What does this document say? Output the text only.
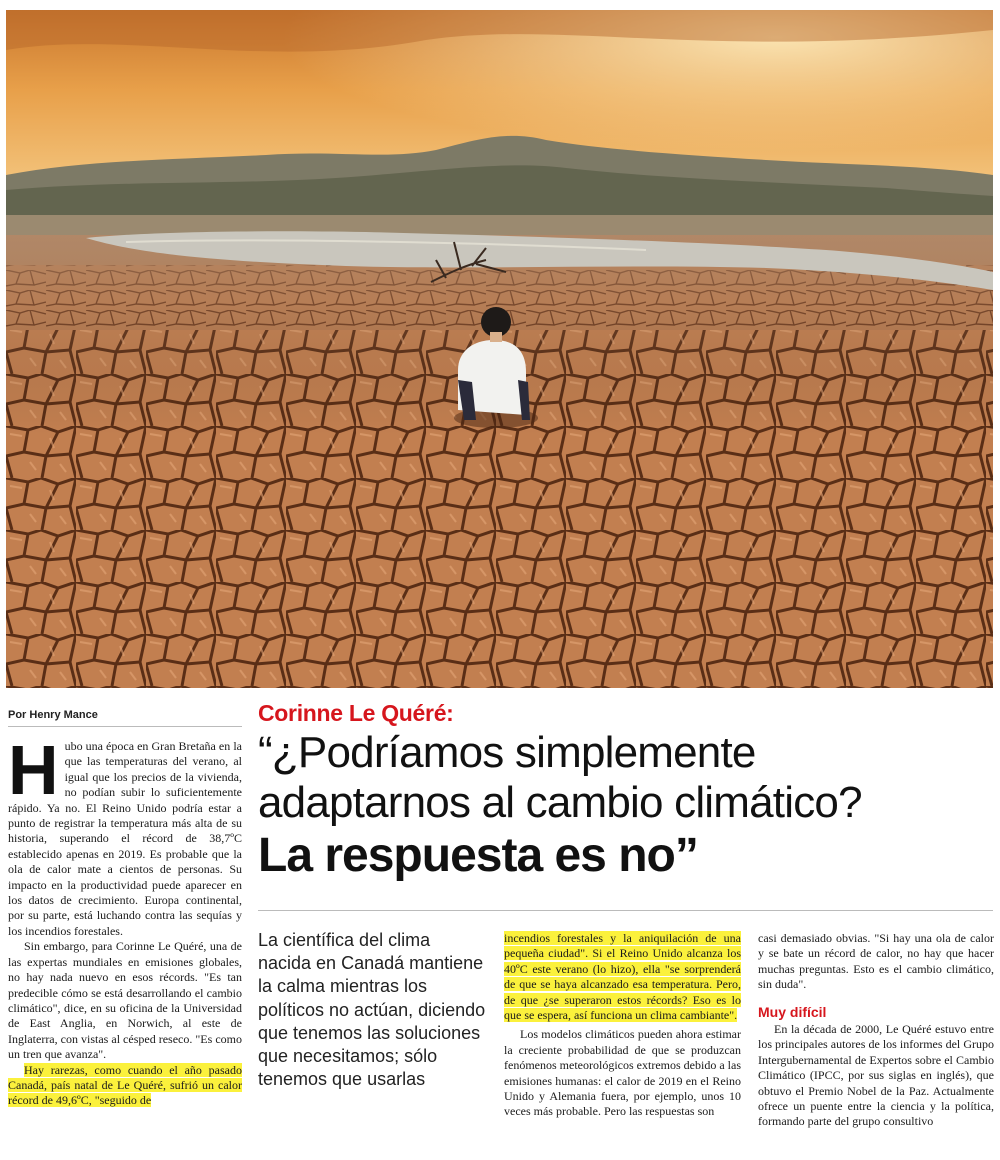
Por Henry Mance

Hubo una época en Gran Bretaña en la que las temperaturas del verano, al igual que los precios de la vivienda, no podían subir lo suficientemente rápido. Ya no. El Reino Unido podría estar a punto de registrar la temperatura más alta de su historia, superando el récord de 38,7ºC establecido apenas en 2019. Es probable que la ola de calor mate a cientos de personas. Su impacto en la productividad puede aparecer en los datos de crecimiento. Europa continental, por su parte, está luchando contra las sequías y los incendios forestales.

Sin embargo, para Corinne Le Quéré, una de las expertas mundiales en emisiones globales, no hay nada nuevo en esos récords. "Es tan predecible cómo se está desarrollando el cambio climático", dice, en su oficina de la Universidad de East Anglia, en Norwich, al este de Inglaterra, con vistas al césped reseco. "Es como un tren que avanza".

Hay rarezas, como cuando el año pasado Canadá, país natal de Le Quéré, sufrió un calor récord de 49,6ºC, "seguido de

Corinne Le Quéré:
“¿Podríamos simplemente
adaptarnos al cambio climático?
La respuesta es no”
La científica del clima nacida en Canadá mantiene la calma mientras los políticos no actúan, diciendo que tenemos las soluciones que necesitamos; sólo tenemos que usarlas

incendios forestales y la aniquilación de una pequeña ciudad". Si el Reino Unido alcanza los 40ºC este verano (lo hizo), ella "se sorprenderá de que se haya alcanzado esa temperatura. Pero, de que ¿se superaron estos récords? Eso es lo que se espera, así funciona un clima cambiante".

Los modelos climáticos pueden ahora estimar la creciente probabilidad de que se produzcan fenómenos meteorológicos extremos debido a las emisiones humanas: el calor de 2019 en el Reino Unido y Alemania fuera, por ejemplo, unos 10 veces más probable. Pero las respuestas son

casi demasiado obvias. "Si hay una ola de calor y se bate un récord de calor, no hay que hacer muchas preguntas. Esto es el cambio climático, sin duda".

Muy difícil

En la década de 2000, Le Quéré estuvo entre los principales autores de los informes del Grupo Intergubernamental de Expertos sobre el Cambio Climático (IPCC, por sus siglas en inglés), que obtuvo el Premio Nobel de la Paz. Actualmente ofrece un puente entre la ciencia y la política, formando parte del grupo consultivo
